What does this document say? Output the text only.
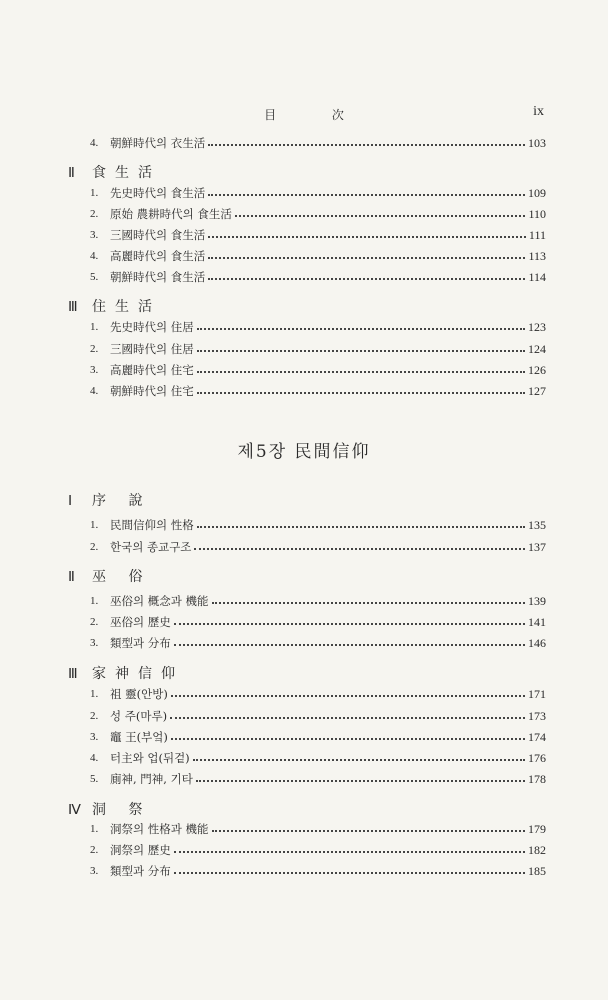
目 次	ix
제5장 民間信仰
4.	朝鮮時代의 衣生活	103
Ⅱ	食生活
1.	先史時代의 食生活	109
2.	原始 農耕時代의 食生活	110
3.	三國時代의 食生活	111
4.	高麗時代의 食生活	113
5.	朝鮮時代의 食生活	114
Ⅲ	住生活
1.	先史時代의 住居	123
2.	三國時代의 住居	124
3.	高麗時代의 住宅	126
4.	朝鮮時代의 住宅	127
Ⅰ	序 說
1.	民間信仰의 性格	135
2.	한국의 종교구조	137
Ⅱ	巫 俗
1.	巫俗의 概念과 機能	139
2.	巫俗의 歷史	141
3.	類型과 分布	146
Ⅲ	家神信仰
1.	祖 靈(안방)	171
2.	성 주(마루)	173
3.	竈 王(부엌)	174
4.	터主와 업(뒤겉)	176
5.	廁神, 門神, 기타	178
Ⅳ 洞 祭
1.	洞祭의 性格과 機能	179
2.	洞祭의 歷史	182
3.	類型과 分布	185
